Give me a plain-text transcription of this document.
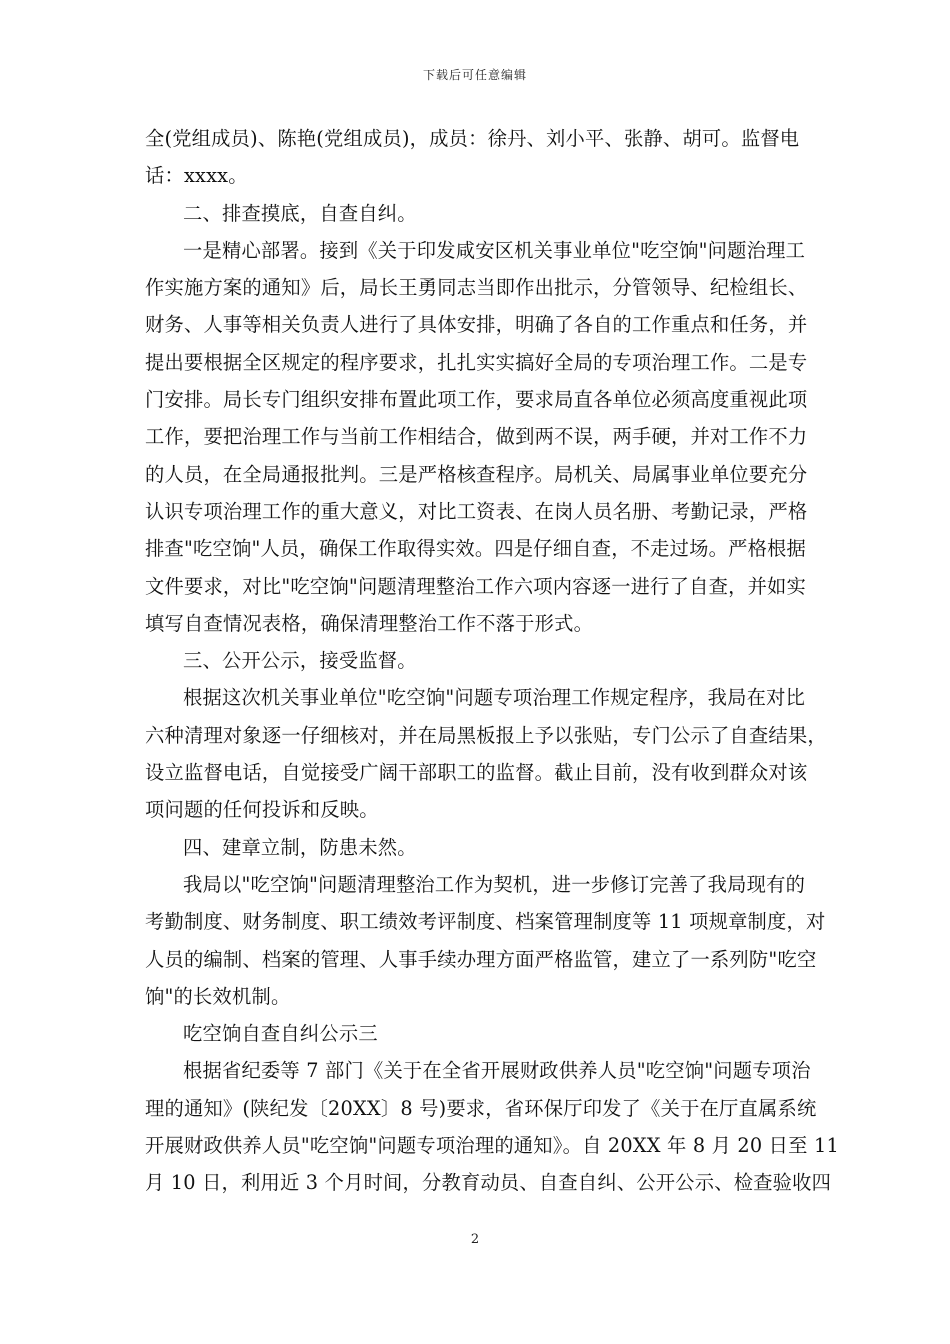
下载后可任意编辑
全(党组成员)、陈艳(党组成员)，成员：徐丹、刘小平、张静、胡可。监督电
话：xxxx。
二、排查摸底，自查自纠。
一是精心部署。接到《关于印发咸安区机关事业单位"吃空饷"问题治理工
作实施方案的通知》后，局长王勇同志当即作出批示，分管领导、纪检组长、
财务、人事等相关负责人进行了具体安排，明确了各自的工作重点和任务，并
提出要根据全区规定的程序要求，扎扎实实搞好全局的专项治理工作。二是专
门安排。局长专门组织安排布置此项工作，要求局直各单位必须高度重视此项
工作，要把治理工作与当前工作相结合，做到两不误，两手硬，并对工作不力
的人员，在全局通报批判。三是严格核查程序。局机关、局属事业单位要充分
认识专项治理工作的重大意义，对比工资表、在岗人员名册、考勤记录，严格
排查"吃空饷"人员，确保工作取得实效。四是仔细自查，不走过场。严格根据
文件要求，对比"吃空饷"问题清理整治工作六项内容逐一进行了自查，并如实
填写自查情况表格，确保清理整治工作不落于形式。
三、公开公示，接受监督。
根据这次机关事业单位"吃空饷"问题专项治理工作规定程序，我局在对比
六种清理对象逐一仔细核对，并在局黑板报上予以张贴，专门公示了自查结果，
设立监督电话，自觉接受广阔干部职工的监督。截止目前，没有收到群众对该
项问题的任何投诉和反映。
四、建章立制，防患未然。
我局以"吃空饷"问题清理整治工作为契机，进一步修订完善了我局现有的
考勤制度、财务制度、职工绩效考评制度、档案管理制度等 11 项规章制度，对
人员的编制、档案的管理、人事手续办理方面严格监管，建立了一系列防"吃空
饷"的长效机制。
吃空饷自查自纠公示三
根据省纪委等 7 部门《关于在全省开展财政供养人员"吃空饷"问题专项治
理的通知》(陕纪发〔20XX〕8 号)要求，省环保厅印发了《关于在厅直属系统
开展财政供养人员"吃空饷"问题专项治理的通知》。自 20XX 年 8 月 20 日至 11
月 10 日，利用近 3 个月时间，分教育动员、自查自纠、公开公示、检查验收四
2
